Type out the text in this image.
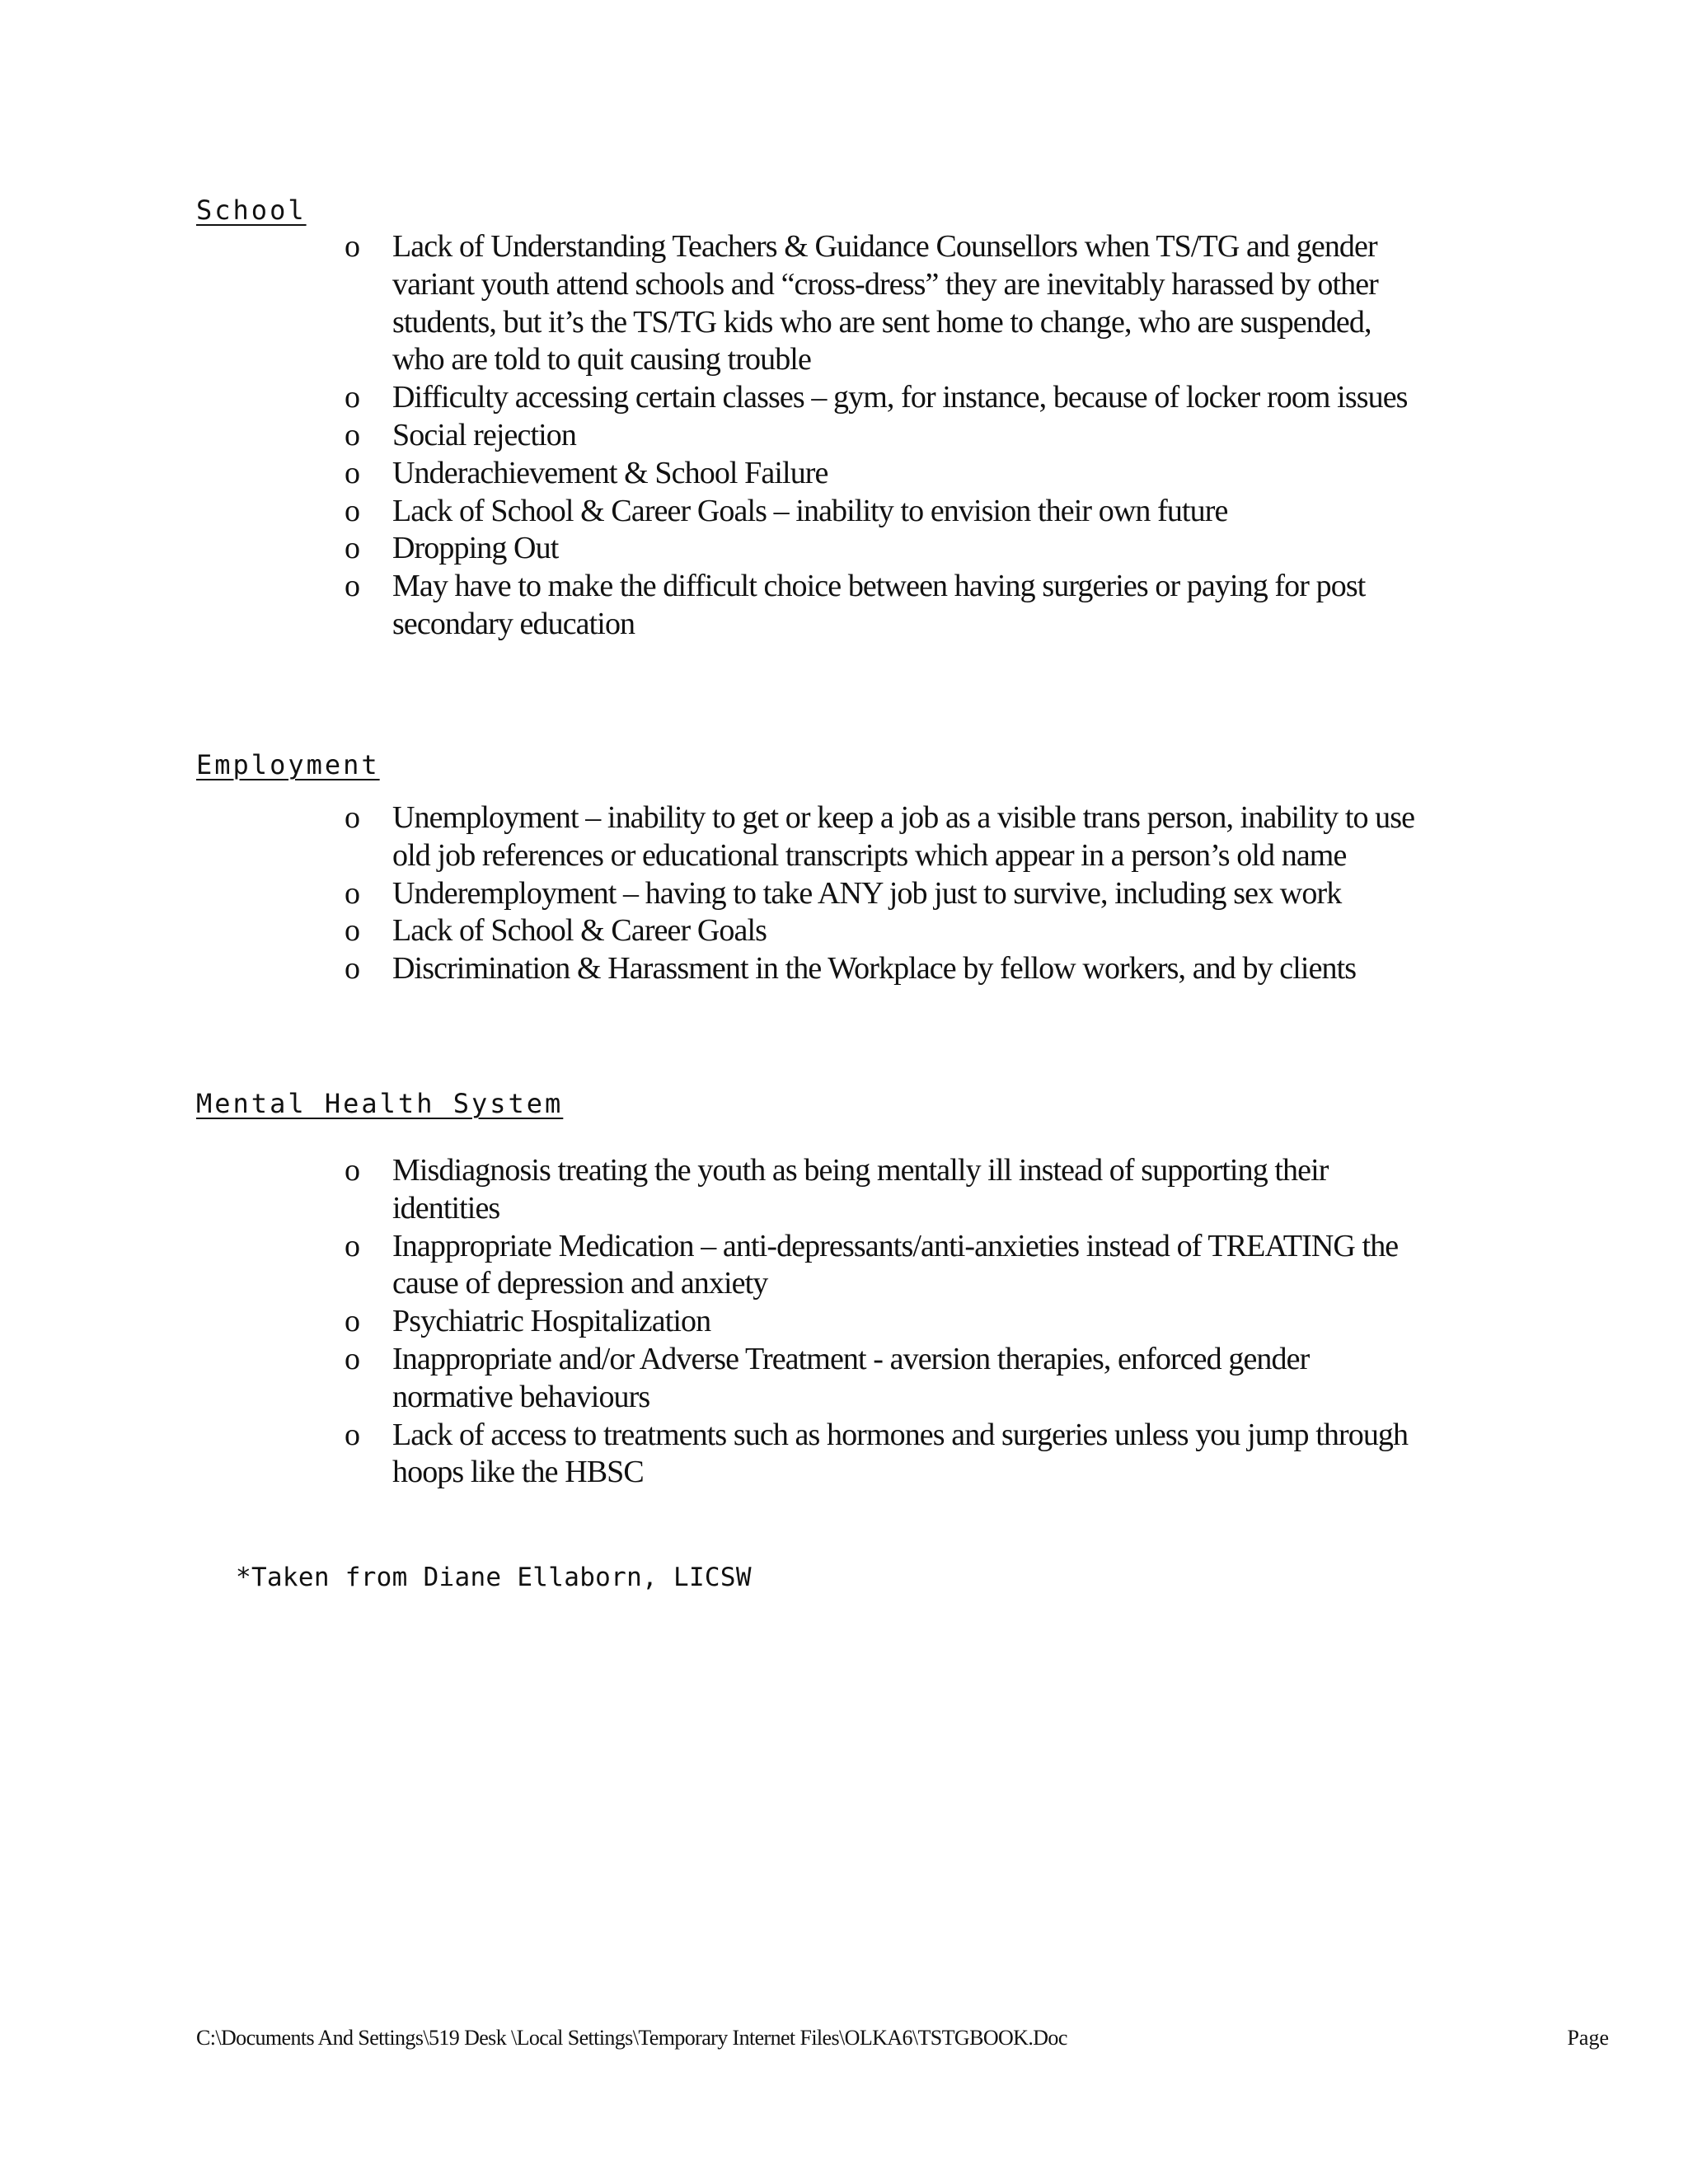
School
o Lack of Understanding Teachers & Guidance Counsellors when TS/TG and gender variant youth attend schools and “cross-dress” they are inevitably harassed by other students, but it’s the TS/TG kids who are sent home to change, who are suspended, who are told to quit causing trouble
o Difficulty accessing certain classes – gym, for instance, because of locker room issues
o Social rejection
o Underachievement & School Failure
o Lack of School & Career Goals – inability to envision their own future
o Dropping Out
o May have to make the difficult choice between having surgeries or paying for post secondary education
Employment
o Unemployment – inability to get or keep a job as a visible trans person, inability to use old job references or educational transcripts which appear in a person’s old name
o Underemployment – having to take ANY job just to survive, including sex work
o Lack of School & Career Goals
o Discrimination & Harassment in the Workplace by fellow workers, and by clients
Mental Health System
o Misdiagnosis treating the youth as being mentally ill instead of supporting their identities
o Inappropriate Medication – anti-depressants/anti-anxieties instead of TREATING the cause of depression and anxiety
o Psychiatric Hospitalization
o Inappropriate and/or Adverse Treatment - aversion therapies, enforced gender normative behaviours
o Lack of access to treatments such as hormones and surgeries unless you jump through hoops like the HBSC
*Taken from Diane Ellaborn, LICSW
C:\Documents And Settings\519 Desk \Local Settings\Temporary Internet Files\OLKA6\TSTGBOOK.Doc	Page
